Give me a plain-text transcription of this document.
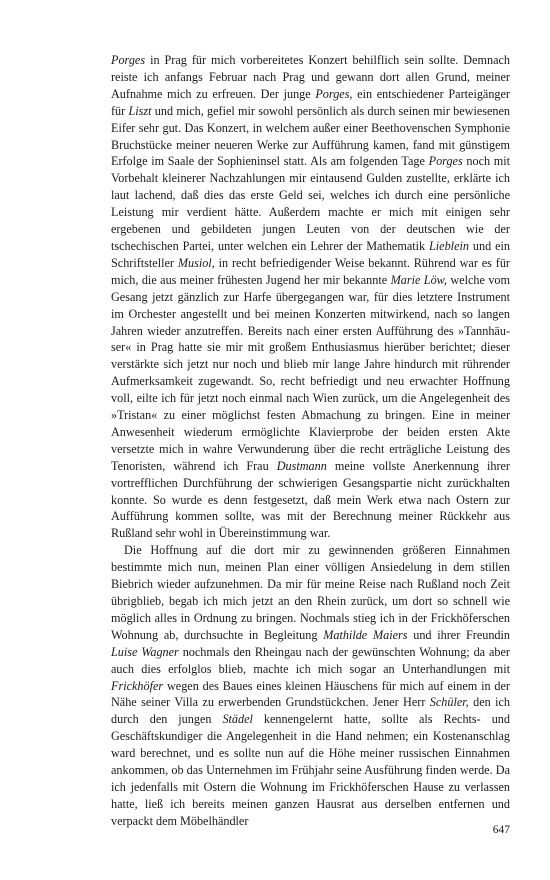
Porges in Prag für mich vorbereitetes Konzert behilflich sein sollte. Demnach reiste ich anfangs Februar nach Prag und gewann dort allen Grund, meiner Aufnahme mich zu erfreuen. Der junge Porges, ein entschiedener Parteigänger für Liszt und mich, gefiel mir sowohl persönlich als durch seinen mir bewiesenen Eifer sehr gut. Das Konzert, in welchem außer einer Beethovenschen Symphonie Bruchstücke meiner neueren Werke zur Aufführung kamen, fand mit günstigem Erfolge im Saale der Sophieninsel statt. Als am folgenden Tage Porges noch mit Vorbehalt kleinerer Nachzahlungen mir eintausend Gulden zustellte, erklärte ich laut lachend, daß dies das erste Geld sei, welches ich durch eine persönliche Leistung mir verdient hätte. Außerdem machte er mich mit einigen sehr ergebenen und gebildeten jungen Leuten von der deutschen wie der tschechischen Partei, unter welchen ein Lehrer der Mathematik Lieblein und ein Schriftsteller Musiol, in recht befriedigender Weise bekannt. Rührend war es für mich, die aus meiner frühesten Jugend her mir bekannte Marie Löw, welche vom Gesang jetzt gänzlich zur Harfe übergegangen war, für dies letztere Instrument im Orchester angestellt und bei meinen Konzerten mitwirkend, nach so langen Jahren wieder anzutreffen. Bereits nach einer ersten Aufführung des »Tannhäuser« in Prag hatte sie mir mit großem Enthusiasmus hierüber berichtet; dieser verstärkte sich jetzt nur noch und blieb mir lange Jahre hindurch mit rührender Aufmerksamkeit zugewandt. So, recht befriedigt und neu erwachter Hoffnung voll, eilte ich für jetzt noch einmal nach Wien zurück, um die Angelegenheit des »Tristan« zu einer möglichst festen Abmachung zu bringen. Eine in meiner Anwesenheit wiederum ermöglichte Klavierprobe der beiden ersten Akte versetzte mich in wahre Verwunderung über die recht erträgliche Leistung des Tenoristen, während ich Frau Dustmann meine vollste Anerkennung ihrer vortrefflichen Durchführung der schwierigen Gesangspartie nicht zurückhalten konnte. So wurde es denn festgesetzt, daß mein Werk etwa nach Ostern zur Aufführung kommen sollte, was mit der Berechnung meiner Rückkehr aus Rußland sehr wohl in Übereinstimmung war.

Die Hoffnung auf die dort mir zu gewinnenden größeren Einnahmen bestimmte mich nun, meinen Plan einer völligen Ansiedelung in dem stillen Biebrich wieder aufzunehmen. Da mir für meine Reise nach Rußland noch Zeit übrigblieb, begab ich mich jetzt an den Rhein zurück, um dort so schnell wie möglich alles in Ordnung zu bringen. Nochmals stieg ich in der Frickhöferschen Wohnung ab, durchsuchte in Begleitung Mathilde Maiers und ihrer Freundin Luise Wagner nochmals den Rheingau nach der gewünschten Wohnung; da aber auch dies erfolglos blieb, machte ich mich sogar an Unterhandlungen mit Frickhöfer wegen des Baues eines kleinen Häuschens für mich auf einem in der Nähe seiner Villa zu erwerbenden Grundstückchen. Jener Herr Schüler, den ich durch den jungen Städel kennengelernt hatte, sollte als Rechts- und Geschäftskundiger die Angelegenheit in die Hand nehmen; ein Kostenanschlag ward berechnet, und es sollte nun auf die Höhe meiner russischen Einnahmen ankommen, ob das Unternehmen im Frühjahr seine Ausführung finden werde. Da ich jedenfalls mit Ostern die Wohnung im Frickhöferschen Hause zu verlassen hatte, ließ ich bereits meinen ganzen Hausrat aus derselben entfernen und verpackt dem Möbelhändler

647
